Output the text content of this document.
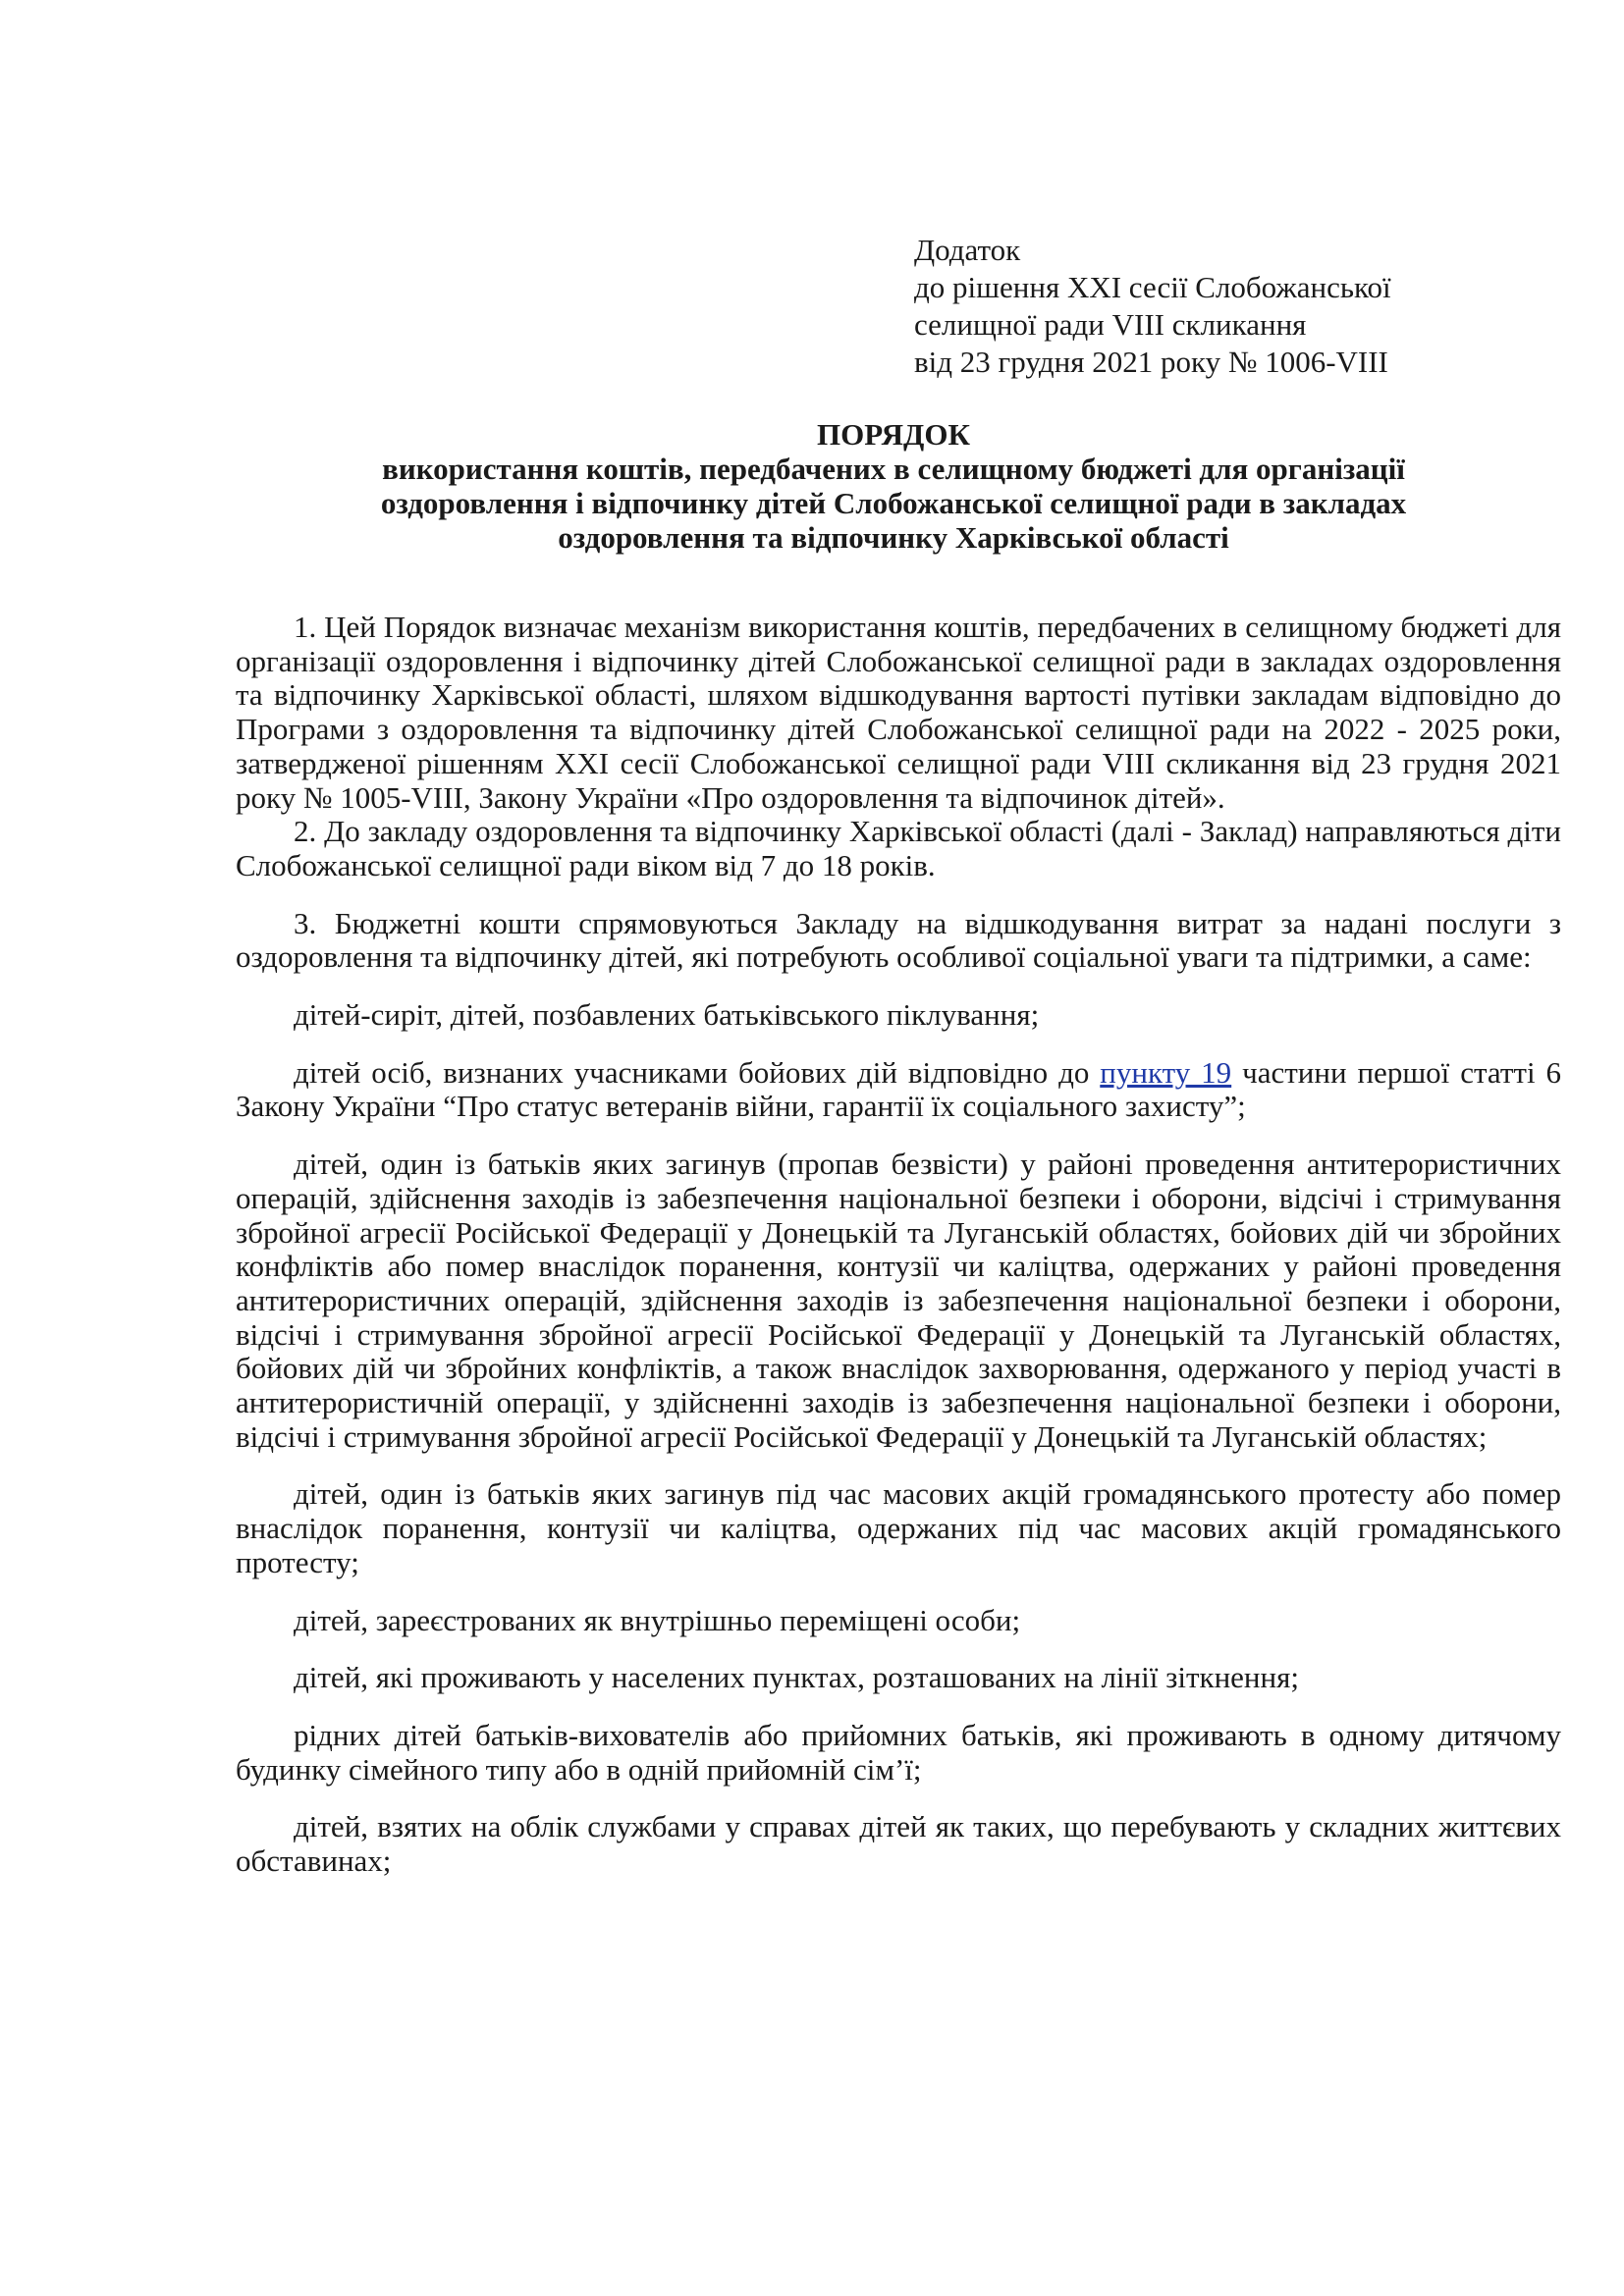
Додаток
до рішення XXI сесії Слобожанської
селищної ради VIII скликання
від 23 грудня 2021 року № 1006-VIII
ПОРЯДОК
використання коштів, передбачених в селищному бюджеті для організації
оздоровлення і відпочинку дітей Слобожанської селищної ради в закладах
оздоровлення та відпочинку Харківської області

1. Цей Порядок визначає механізм використання коштів, передбачених в селищному бюджеті для організації оздоровлення і відпочинку дітей Слобожанської селищної ради в закладах оздоровлення та відпочинку Харківської області, шляхом відшкодування вартості путівки закладам відповідно до Програми з оздоровлення та відпочинку дітей Слобожанської селищної ради на 2022 - 2025 роки, затвердженої рішенням XXI сесії Слобожанської селищної ради VIII скликання від 23 грудня 2021 року № 1005-VIII, Закону України «Про оздоровлення та відпочинок дітей».

2. До закладу оздоровлення та відпочинку Харківської області (далі - Заклад) направляються діти Слобожанської селищної ради віком від 7 до 18 років.

3. Бюджетні кошти спрямовуються Закладу на відшкодування витрат за надані послуги з оздоровлення та відпочинку дітей, які потребують особливої соціальної уваги та підтримки, а саме:

дітей-сиріт, дітей, позбавлених батьківського піклування;

дітей осіб, визнаних учасниками бойових дій відповідно до пункту 19 частини першої статті 6 Закону України “Про статус ветеранів війни, гарантії їх соціального захисту”;

дітей, один із батьків яких загинув (пропав безвісти) у районі проведення антитерористичних операцій, здійснення заходів із забезпечення національної безпеки і оборони, відсічі і стримування збройної агресії Російської Федерації у Донецькій та Луганській областях, бойових дій чи збройних конфліктів або помер внаслідок поранення, контузії чи каліцтва, одержаних у районі проведення антитерористичних операцій, здійснення заходів із забезпечення національної безпеки і оборони, відсічі і стримування збройної агресії Російської Федерації у Донецькій та Луганській областях, бойових дій чи збройних конфліктів, а також внаслідок захворювання, одержаного у період участі в антитерористичній операції, у здійсненні заходів із забезпечення національної безпеки і оборони, відсічі і стримування збройної агресії Російської Федерації у Донецькій та Луганській областях;

дітей, один із батьків яких загинув під час масових акцій громадянського протесту або помер внаслідок поранення, контузії чи каліцтва, одержаних під час масових акцій громадянського протесту;

дітей, зареєстрованих як внутрішньо переміщені особи;

дітей, які проживають у населених пунктах, розташованих на лінії зіткнення;

рідних дітей батьків-вихователів або прийомних батьків, які проживають в одному дитячому будинку сімейного типу або в одній прийомній сім’ї;

дітей, взятих на облік службами у справах дітей як таких, що перебувають у складних життєвих обставинах;
